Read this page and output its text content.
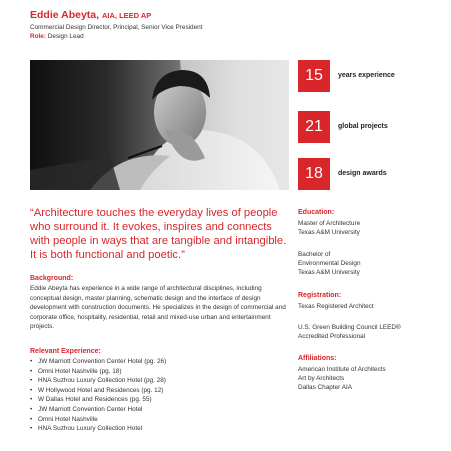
Eddie Abeyta, AIA, LEED AP
Commercial Design Director, Principal, Senior Vice President
Role: Design Lead
15	years experience
21	global projects
18	design awards
“Architecture touches the everyday lives of people who surround it. It evokes, inspires and connects with people in ways that are tangible and intangible. It is both functional and poetic.”
Background:
Eddie Abeyta has experience in a wide range of architectural disciplines, including conceptual design, master planning, schematic design and the interface of design development with construction documents. He specializes in the design of commercial and corporate office, hospitality, residential, retail and mixed-use urban and entertainment projects.
Relevant Experience:
• JW Marriott Convention Center Hotel (pg. 26)
• Omni Hotel Nashville (pg. 18)
• HNA Suzhou Luxury Collection Hotel (pg. 28)
• W Hollywood Hotel and Residences (pg. 12)
• W Dallas Hotel and Residences (pg. 55)
• JW Marriott Convention Center Hotel
• Omni Hotel Nashville
• HNA Suzhou Luxury Collection Hotel
Education:
Master of Architecture
Texas A&M University
Bachelor of
Environmental Design
Texas A&M University
Registration:
Texas Registered Architect
U.S. Green Building Council LEED®
Accredited Professional
Affiliations:
American Institute of Architects
Art by Architects
Dallas Chapter AIA
